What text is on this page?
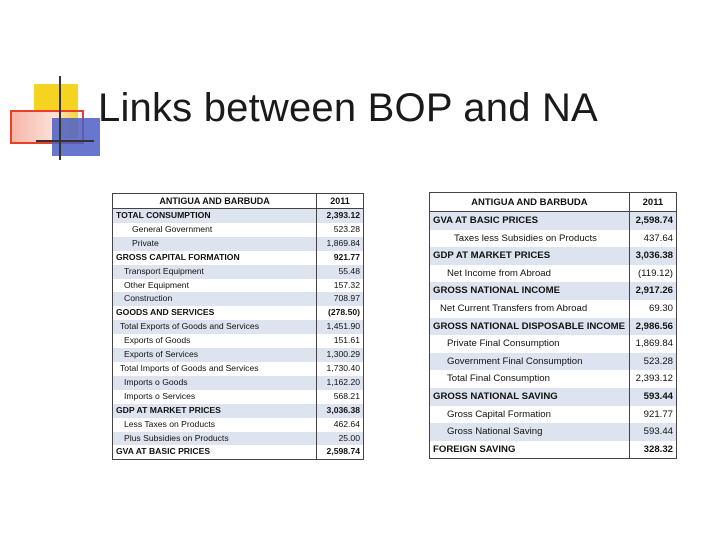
Links between BOP and NA
ANTIGUA AND BARBUDA	2011
TOTAL CONSUMPTION	2,393.12
General Government	523.28
Private	1,869.84
GROSS CAPITAL FORMATION	921.77
Transport Equipment	55.48
Other Equipment	157.32
Construction	708.97
GOODS AND SERVICES	(278.50)
Total Exports of Goods and Services	1,451.90
Exports of Goods	151.61
Exports of Services	1,300.29
Total Imports of Goods and Services	1,730.40
Imports o Goods	1,162.20
Imports o Services	568.21
GDP AT MARKET PRICES	3,036.38
Less Taxes on Products	462.64
Plus Subsidies on Products	25.00
GVA AT BASIC PRICES	2,598.74
ANTIGUA AND BARBUDA	2011
GVA AT BASIC PRICES	2,598.74
Taxes less Subsidies on Products	437.64
GDP AT MARKET PRICES	3,036.38
Net Income from Abroad	(119.12)
GROSS NATIONAL INCOME	2,917.26
Net Current Transfers from Abroad	69.30
GROSS NATIONAL DISPOSABLE INCOME	2,986.56
Private Final Consumption	1,869.84
Government Final Consumption	523.28
Total Final Consumption	2,393.12
GROSS NATIONAL SAVING	593.44
Gross Capital Formation	921.77
Gross National Saving	593.44
FOREIGN SAVING	328.32
